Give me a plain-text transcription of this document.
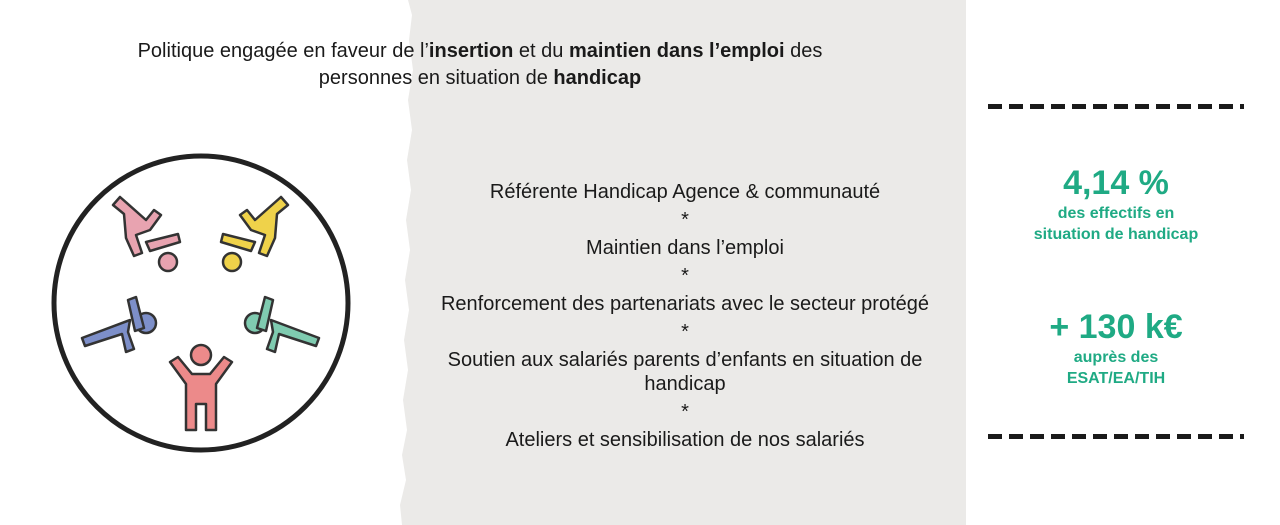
Politique engagée en faveur de l’insertion et du maintien dans l’emploi des
personnes en situation de handicap
Référente Handicap Agence & communauté
*
Maintien dans l’emploi
*
Renforcement des partenariats avec le secteur protégé
*
Soutien aux salariés parents d’enfants en situation de
handicap
*
Ateliers et sensibilisation de nos salariés
4,14 %
des effectifs en
situation de handicap
+ 130 k€
auprès des
ESAT/EA/TIH
